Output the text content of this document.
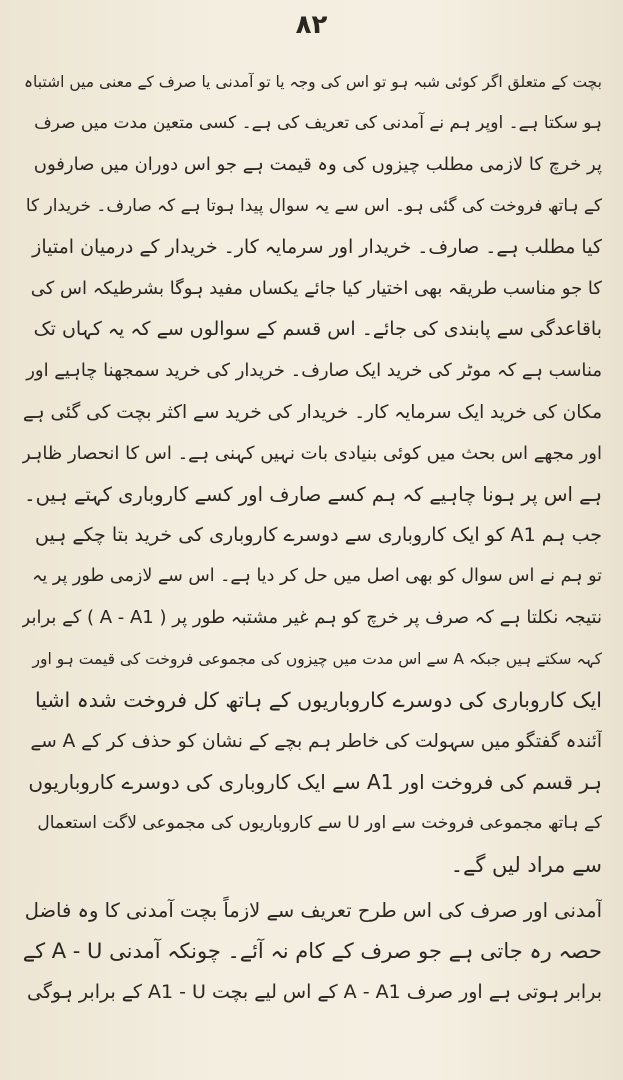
۸۲
بچت کے متعلق اگر کوئی شبہ ہو تو اس کی وجہ یا تو آمدنی یا صرف کے معنی میں اشتباہ
ہو سکتا ہے۔ اوپر ہم نے آمدنی کی تعریف کی ہے۔ کسی متعین مدت میں صرف
پر خرچ کا لازمی مطلب چیزوں کی وہ قیمت ہے جو اس دوران میں صارفوں
کے ہاتھ فروخت کی گئی ہو۔ اس سے یہ سوال پیدا ہوتا ہے کہ صارف۔ خریدار کا
کیا مطلب ہے۔ صارف۔ خریدار اور سرمایہ کار۔ خریدار کے درمیان امتیاز
کا جو مناسب طریقہ بھی اختیار کیا جائے یکساں مفید ہوگا بشرطیکہ اس کی
باقاعدگی سے پابندی کی جائے۔ اس قسم کے سوالوں سے کہ یہ کہاں تک
مناسب ہے کہ موٹر کی خرید ایک صارف۔ خریدار کی خرید سمجھنا چاہیے اور
مکان کی خرید ایک سرمایہ کار۔ خریدار کی خرید سے اکثر بچت کی گئی ہے
اور مجھے اس بحث میں کوئی بنیادی بات نہیں کہنی ہے۔ اس کا انحصار ظاہر
ہے اس پر ہونا چاہیے کہ ہم کسے صارف اور کسے کاروباری کہتے ہیں۔
جب ہم A1 کو ایک کاروباری سے دوسرے کاروباری کی خرید بتا چکے ہیں
تو ہم نے اس سوال کو بھی اصل میں حل کر دیا ہے۔ اس سے لازمی طور پر یہ
نتیجہ نکلتا ہے کہ صرف پر خرچ کو ہم غیر مشتبہ طور پر ( A - A1 ) کے برابر
کہہ سکتے ہیں جبکہ A سے اس مدت میں چیزوں کی مجموعی فروخت کی قیمت ہو اور
ایک کاروباری کی دوسرے کاروباریوں کے ہاتھ کل فروخت شدہ اشیا
آئندہ گفتگو میں سہولت کی خاطر ہم بچے کے نشان کو حذف کر کے A سے
ہر قسم کی فروخت اور A1 سے ایک کاروباری کی دوسرے کاروباریوں
کے ہاتھ مجموعی فروخت سے اور U سے کاروباریوں کی مجموعی لاگت استعمال
سے مراد لیں گے۔
آمدنی اور صرف کی اس طرح تعریف سے لازماً بچت آمدنی کا وہ فاضل
حصہ رہ جاتی ہے جو صرف کے کام نہ آئے۔ چونکہ آمدنی A - U کے
برابر ہوتی ہے اور صرف A - A1 کے اس لیے بچت A1 - U کے برابر ہوگی
